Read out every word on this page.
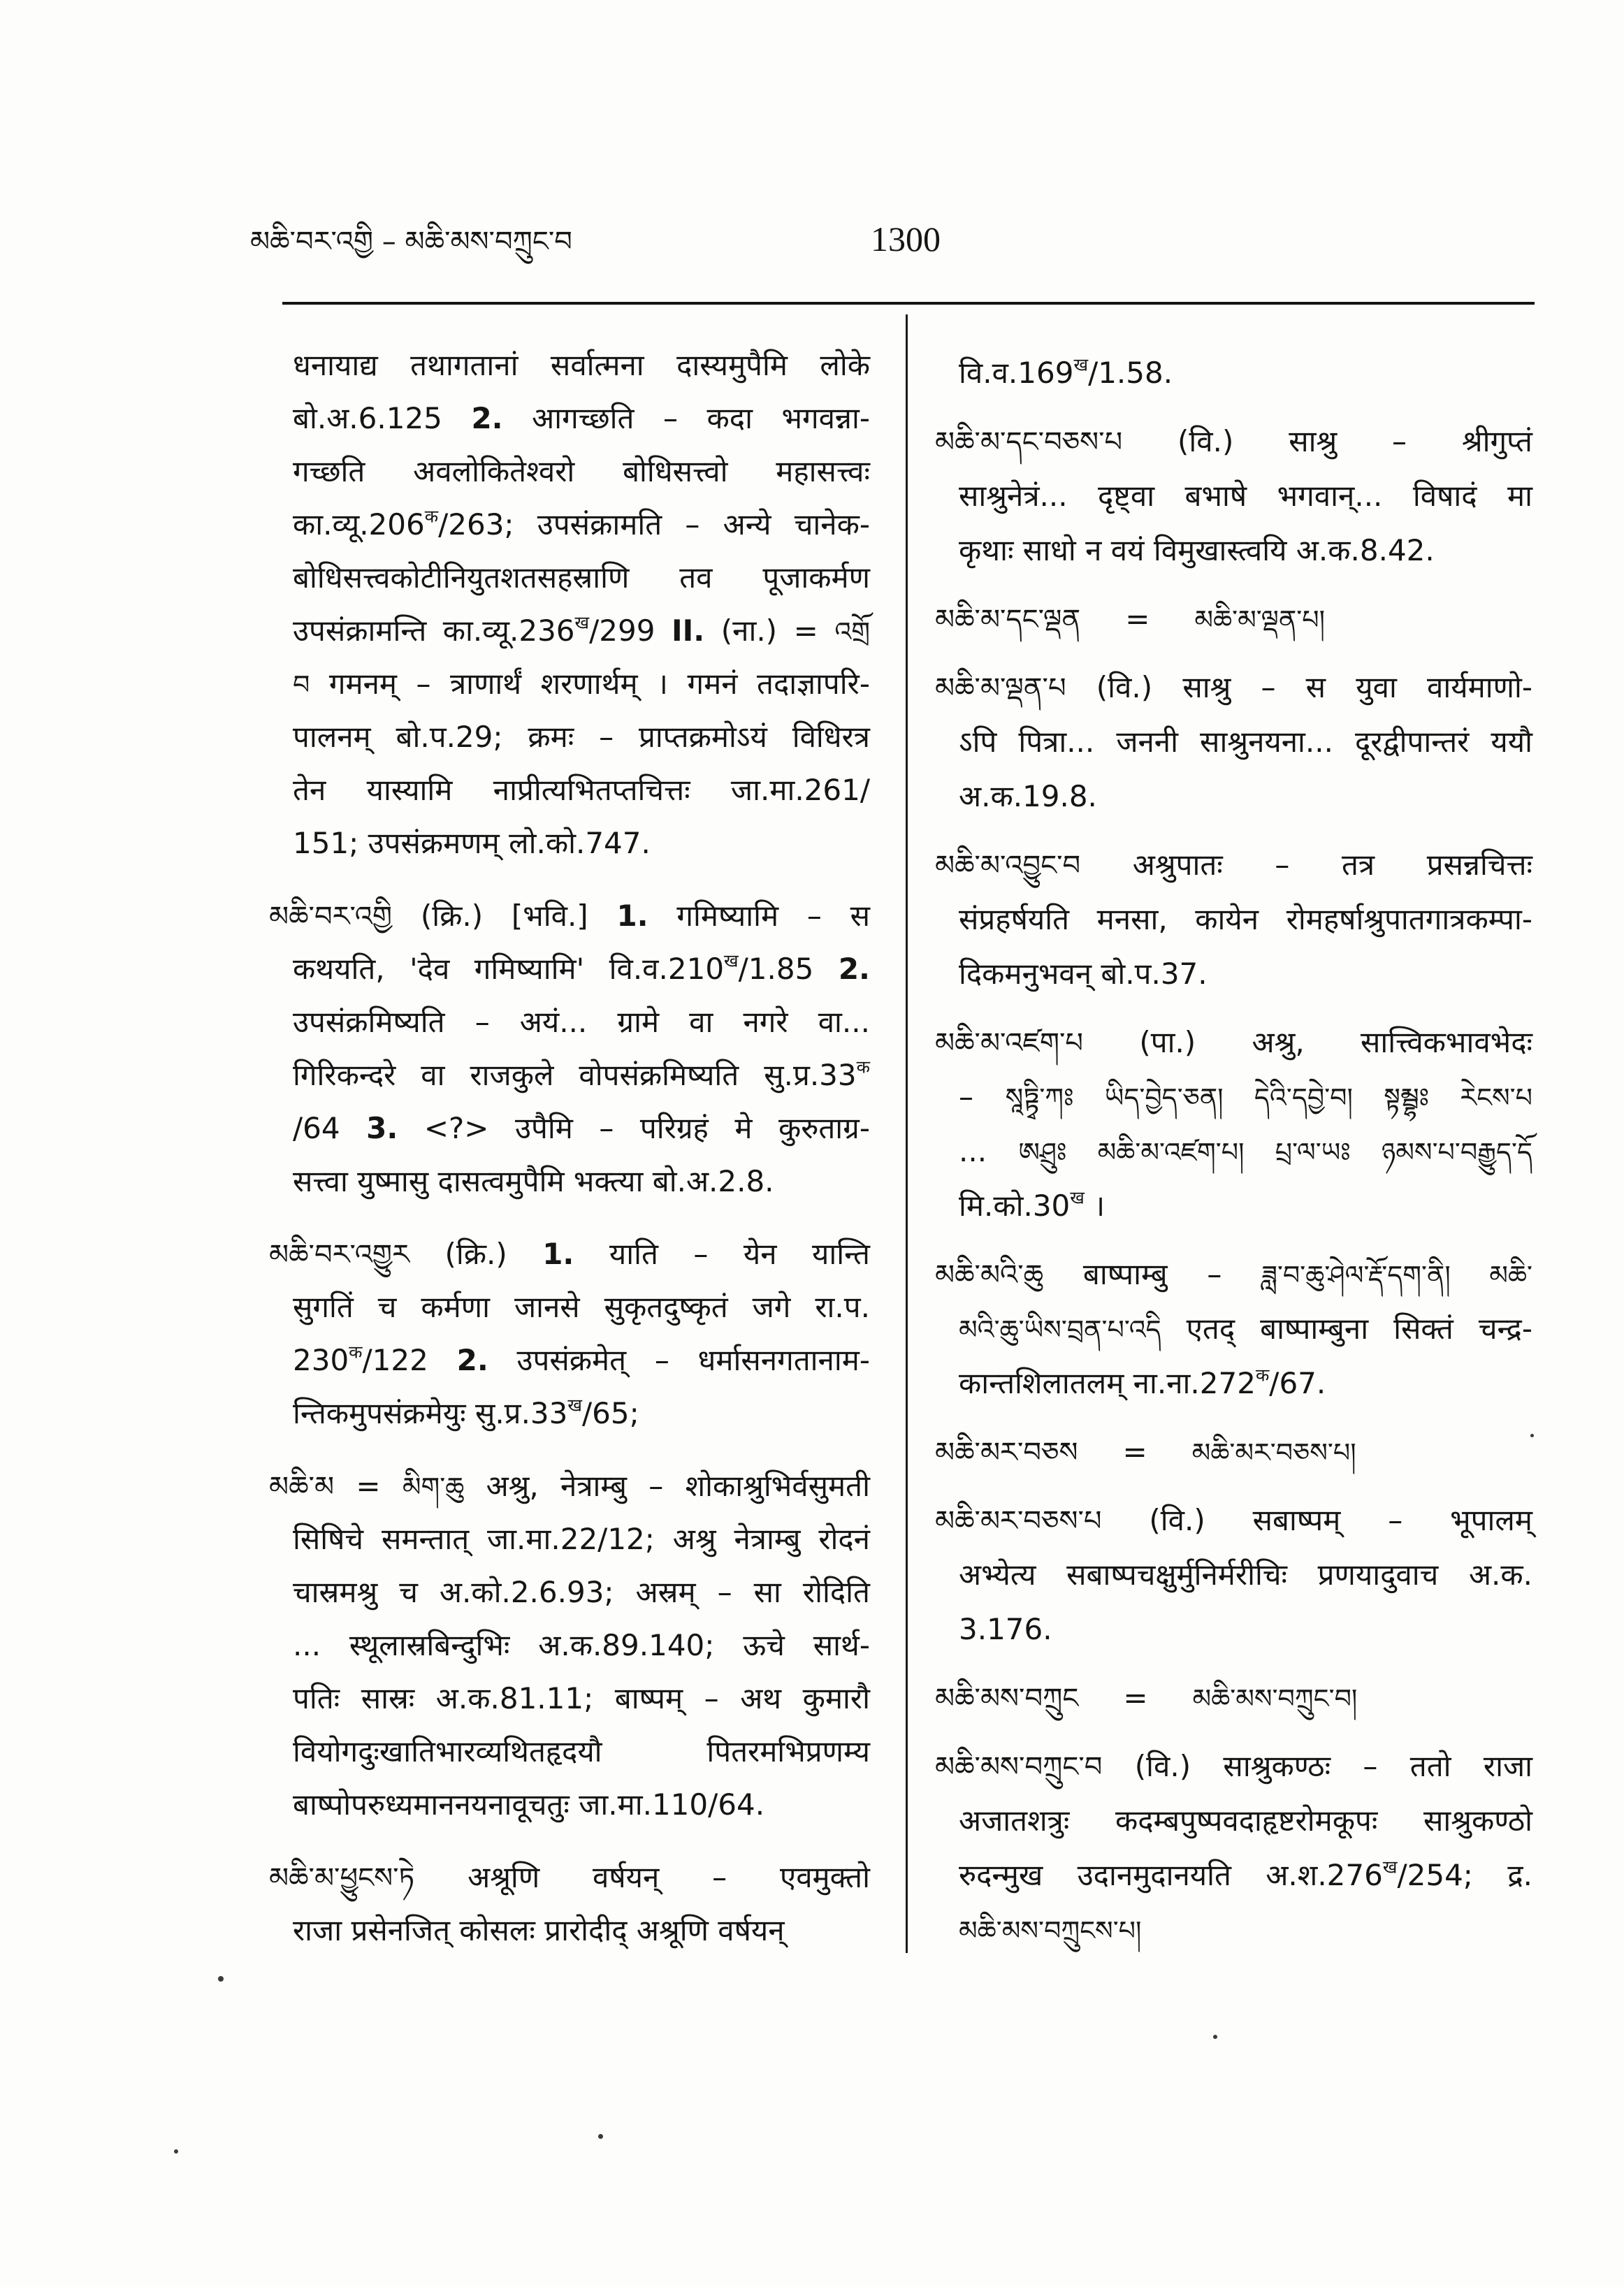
མཆི་བར་འགྱི – མཆི་མས་བཀྲུང་བ	1300
धनायाद्य तथागतानां सर्वात्मना दास्यमुपैमि लोके
बो.अ.6.125 2. आगच्छति – कदा भगवन्ना-
गच्छति अवलोकितेश्वरो बोधिसत्त्वो महासत्त्वः
$का.व्यू.206^क/263$; उपसंक्रामति – अन्ये चानेक-
बोधिसत्त्वकोटीनियुतशतसहस्राणि तव पूजाकर्मण
उपसंक्रामन्ति $का.व्यू.236^ख/299$ II. (ना.) = འགྲོ
བ गमनम् – त्राणार्थं शरणार्थम् । गमनं तदाज्ञापरि-
पालनम् बो.प.29; क्रमः – प्राप्तक्रमोऽयं विधिरत्र
तेन यास्यामि नाप्रीत्यभितप्तचित्तः जा.मा.261/
151; उपसंक्रमणम् लो.को.747.
མཆི་བར་འགྱི (क्रि.) [भवि.] 1. गमिष्यामि – स
कथयति, 'देव गमिष्यामि' $वि.व.210^ख/1.85$ 2.
उपसंक्रमिष्यति – अयं... ग्रामे वा नगरे वा...
गिरिकन्दरे वा राजकुले वोपसंक्रमिष्यति $सु.प्र.33^क$
/64 3. <?> उपैमि – परिग्रहं मे कुरुताग्र-
सत्त्वा युष्मासु दासत्वमुपैमि भक्त्या बो.अ.2.8.
མཆི་བར་འགྱུར (क्रि.) 1. याति – येन यान्ति
सुगतिं च कर्मणा जानसे सुकृतदुष्कृतं जगे रा.प.
$230^क/122$ 2. उपसंक्रमेत् – धर्मासनगतानाम-
न्तिकमुपसंक्रमेयुः $सु.प्र.33^ख/65$;
མཆི་མ = མིག་ཆུ अश्रु, नेत्राम्बु – शोकाश्रुभिर्वसुमती
सिषिचे समन्तात् जा.मा.22/12; अश्रु नेत्राम्बु रोदनं
चास्रमश्रु च अ.को.2.6.93; अस्रम् – सा रोदिति
... स्थूलास्रबिन्दुभिः अ.क.89.140; ऊचे सार्थ-
पतिः सास्रः अ.क.81.11; बाष्पम् – अथ कुमारौ
वियोगदुःखातिभारव्यथितहृदयौ पितरमभिप्रणम्य
बाष्पोपरुध्यमाननयनावूचतुः जा.मा.110/64.
མཆི་མ་ཕྱུངས་ཏེ अश्रूणि वर्षयन् – एवमुक्तो
राजा प्रसेनजित् कोसलः प्रारोदीद् अश्रूणि वर्षयन्
$वि.व.169^ख/1.58$.
མཆི་མ་དང་བཅས་པ (वि.) साश्रु – श्रीगुप्तं
साश्रुनेत्रं... दृष्ट्वा बभाषे भगवान्... विषादं मा
कृथाः साधो न वयं विमुखास्त्वयि अ.क.8.42.
མཆི་མ་དང་ལྡན = མཆི་མ་ལྡན་པ།
མཆི་མ་ལྡན་པ (वि.) साश्रु – स युवा वार्यमाणो-
ऽपि पित्रा... जननी साश्रुनयना... दूरद्वीपान्तरं ययौ
अ.क.19.8.
མཆི་མ་འབྱུང་བ अश्रुपातः – तत्र प्रसन्नचित्तः
संप्रहर्षयति मनसा, कायेन रोमहर्षाश्रुपातगात्रकम्पा-
दिकमनुभवन् बो.प.37.
མཆི་མ་འཛག་པ (पा.) अश्रु, सात्त्विकभावभेदः
– སཱཏྟྭི་ཀཿ ཡིད་བྱེད་ཅན། དེའི་དབྱེ་བ། སྟམྦྷཿ རེངས་པ
... ཨཤྲུཿ མཆི་མ་འཛག་པ། པྲ་ལ་ཡཿ ཉམས་པ་བརྒྱུད་དོ
$मि.को.30^ख$ ।
མཆི་མའི་ཆུ बाष्पाम्बु – ཟླ་བ་ཆུ་ཤེལ་རྡོ་དག་ནི། མཆི་
མའི་ཆུ་ཡིས་བྲན་པ་འདི एतद् बाष्पाम्बुना सिक्तं चन्द्र-
कान्तशिलातलम् $ना.ना.272^क/67$.
མཆི་མར་བཅས = མཆི་མར་བཅས་པ།
མཆི་མར་བཅས་པ (वि.) सबाष्पम् – भूपालम्
अभ्येत्य सबाष्पचक्षुर्मुनिर्मरीचिः प्रणयादुवाच अ.क.
3.176.
མཆི་མས་བཀྲུང = མཆི་མས་བཀྲུང་བ།
མཆི་མས་བཀྲུང་བ (वि.) साश्रुकण्ठः – ततो राजा
अजातशत्रुः कदम्बपुष्पवदाहृष्टरोमकूपः साश्रुकण्ठो
रुदन्मुख उदानमुदानयति $अ.श.276^ख/254$; द्र.
མཆི་མས་བཀྲུངས་པ།
